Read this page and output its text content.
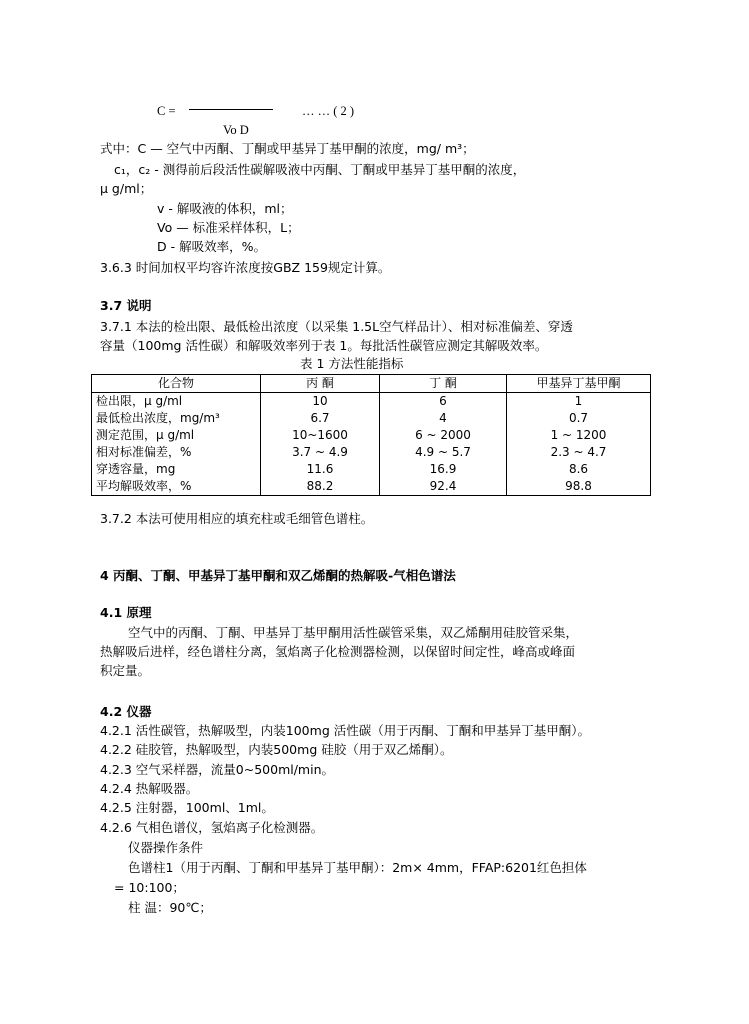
C =	… … ( 2 )
Vo D
式中：C — 空气中丙酮、丁酮或甲基异丁基甲酮的浓度，mg/ m³；
c₁，c₂ - 测得前后段活性碳解吸液中丙酮、丁酮或甲基异丁基甲酮的浓度，
μ g/ml；
v - 解吸液的体积，ml；
Vo — 标准采样体积，L；
D - 解吸效率，%。
3.6.3 时间加权平均容许浓度按GBZ 159规定计算。
3.7 说明
3.7.1 本法的检出限、最低检出浓度（以采集 1.5L空气样品计）、相对标准偏差、穿透
容量（100mg 活性碳）和解吸效率列于表 1。每批活性碳管应测定其解吸效率。
表 1 方法性能指标
化合物	丙 酮	丁 酮	甲基异丁基甲酮
检出限，μ g/ml	10	6	1
最低检出浓度，mg/m³	6.7	4	0.7
测定范围，μ g/ml	10~1600	6 ~ 2000	1 ~ 1200
相对标准偏差，%	3.7 ~ 4.9	4.9 ~ 5.7	2.3 ~ 4.7
穿透容量，mg	11.6	16.9	8.6
平均解吸效率，%	88.2	92.4	98.8
3.7.2 本法可使用相应的填充柱或毛细管色谱柱。
4 丙酮、丁酮、甲基异丁基甲酮和双乙烯酮的热解吸-气相色谱法
4.1 原理
空气中的丙酮、丁酮、甲基异丁基甲酮用活性碳管采集，双乙烯酮用硅胶管采集，
热解吸后进样，经色谱柱分离，氢焰离子化检测器检测，以保留时间定性，峰高或峰面
积定量。
4.2 仪器
4.2.1 活性碳管，热解吸型，内装100mg 活性碳（用于丙酮、丁酮和甲基异丁基甲酮）。
4.2.2 硅胶管，热解吸型，内装500mg 硅胶（用于双乙烯酮）。
4.2.3 空气采样器，流量0~500ml/min。
4.2.4 热解吸器。
4.2.5 注射器，100ml、1ml。
4.2.6 气相色谱仪，氢焰离子化检测器。
仪器操作条件
色谱柱1（用于丙酮、丁酮和甲基异丁基甲酮）：2m× 4mm，FFAP:6201红色担体
= 10:100；
柱 温：90℃；
